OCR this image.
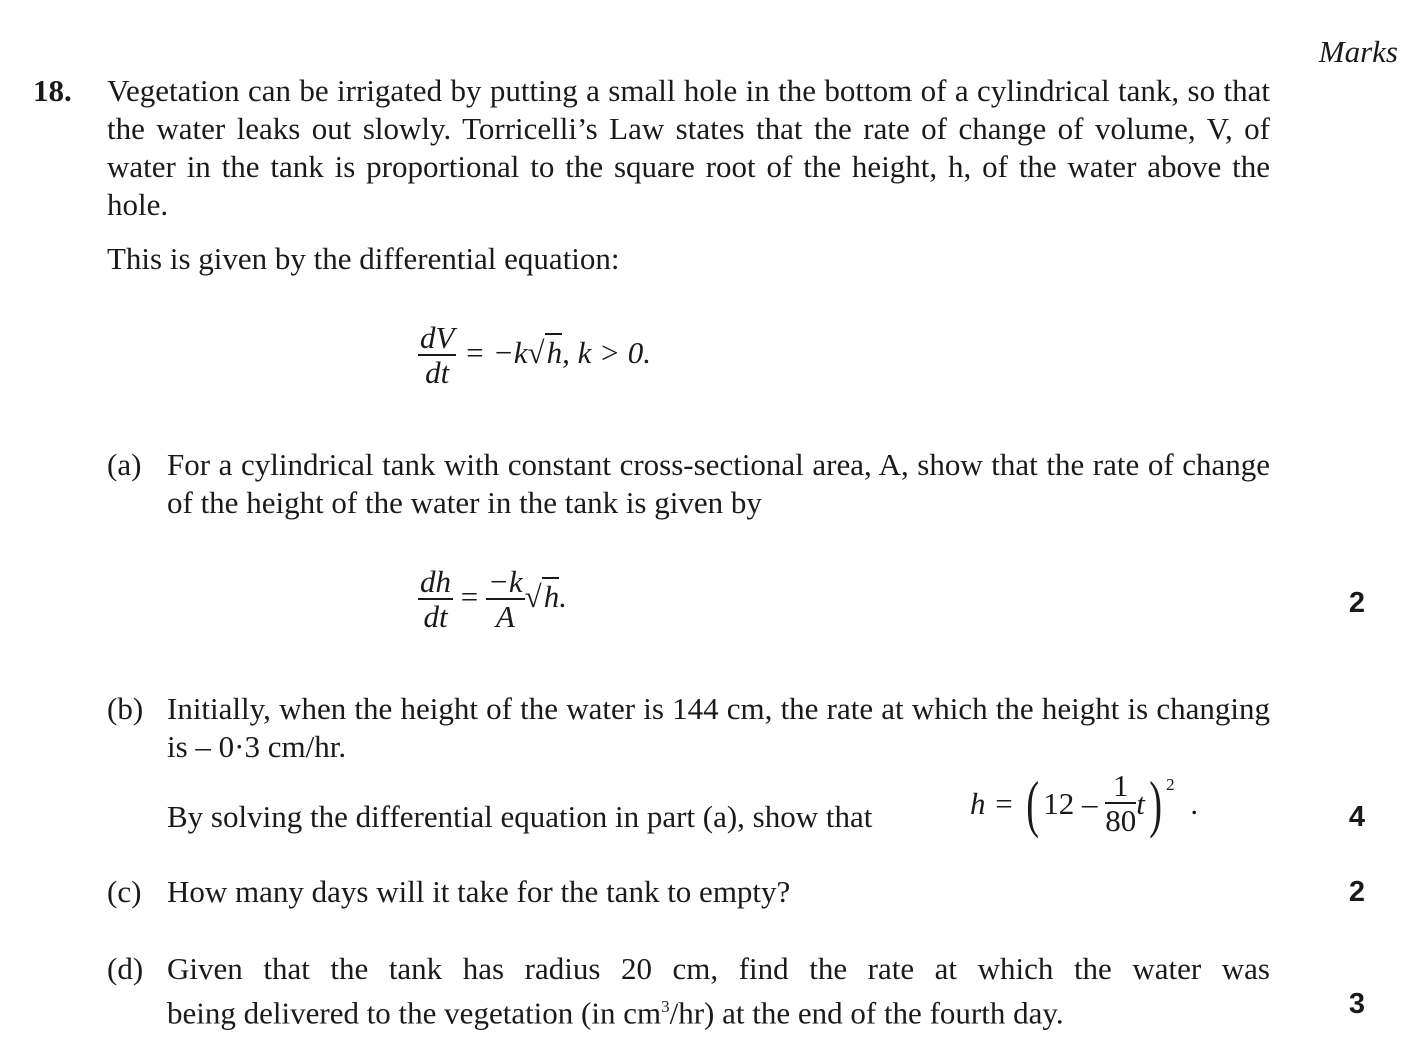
Marks
18. Vegetation can be irrigated by putting a small hole in the bottom of a cylindrical tank, so that the water leaks out slowly. Torricelli’s Law states that the rate of change of volume, V, of water in the tank is proportional to the square root of the height, h, of the water above the hole.
This is given by the differential equation:
$\frac{dV}{dt} = -k√h$, k > 0.
(a) For a cylindrical tank with constant cross-sectional area, A, show that the rate of change of the height of the water in the tank is given by
$\frac{dh}{dt} = \frac{-k}{A} √h$.	2
(b) Initially, when the height of the water is 144 cm, the rate at which the height is changing is – 0·3 cm/hr.
By solving the differential equation in part (a), show that	h = ( $12 - \frac{1}{80} t$) $^2$ .	4
(c) How many days will it take for the tank to empty?	2
(d) Given that the tank has radius 20 cm, find the rate at which the water was
being delivered to the vegetation (in $cm^3/hr$) at the end of the fourth day.	3
